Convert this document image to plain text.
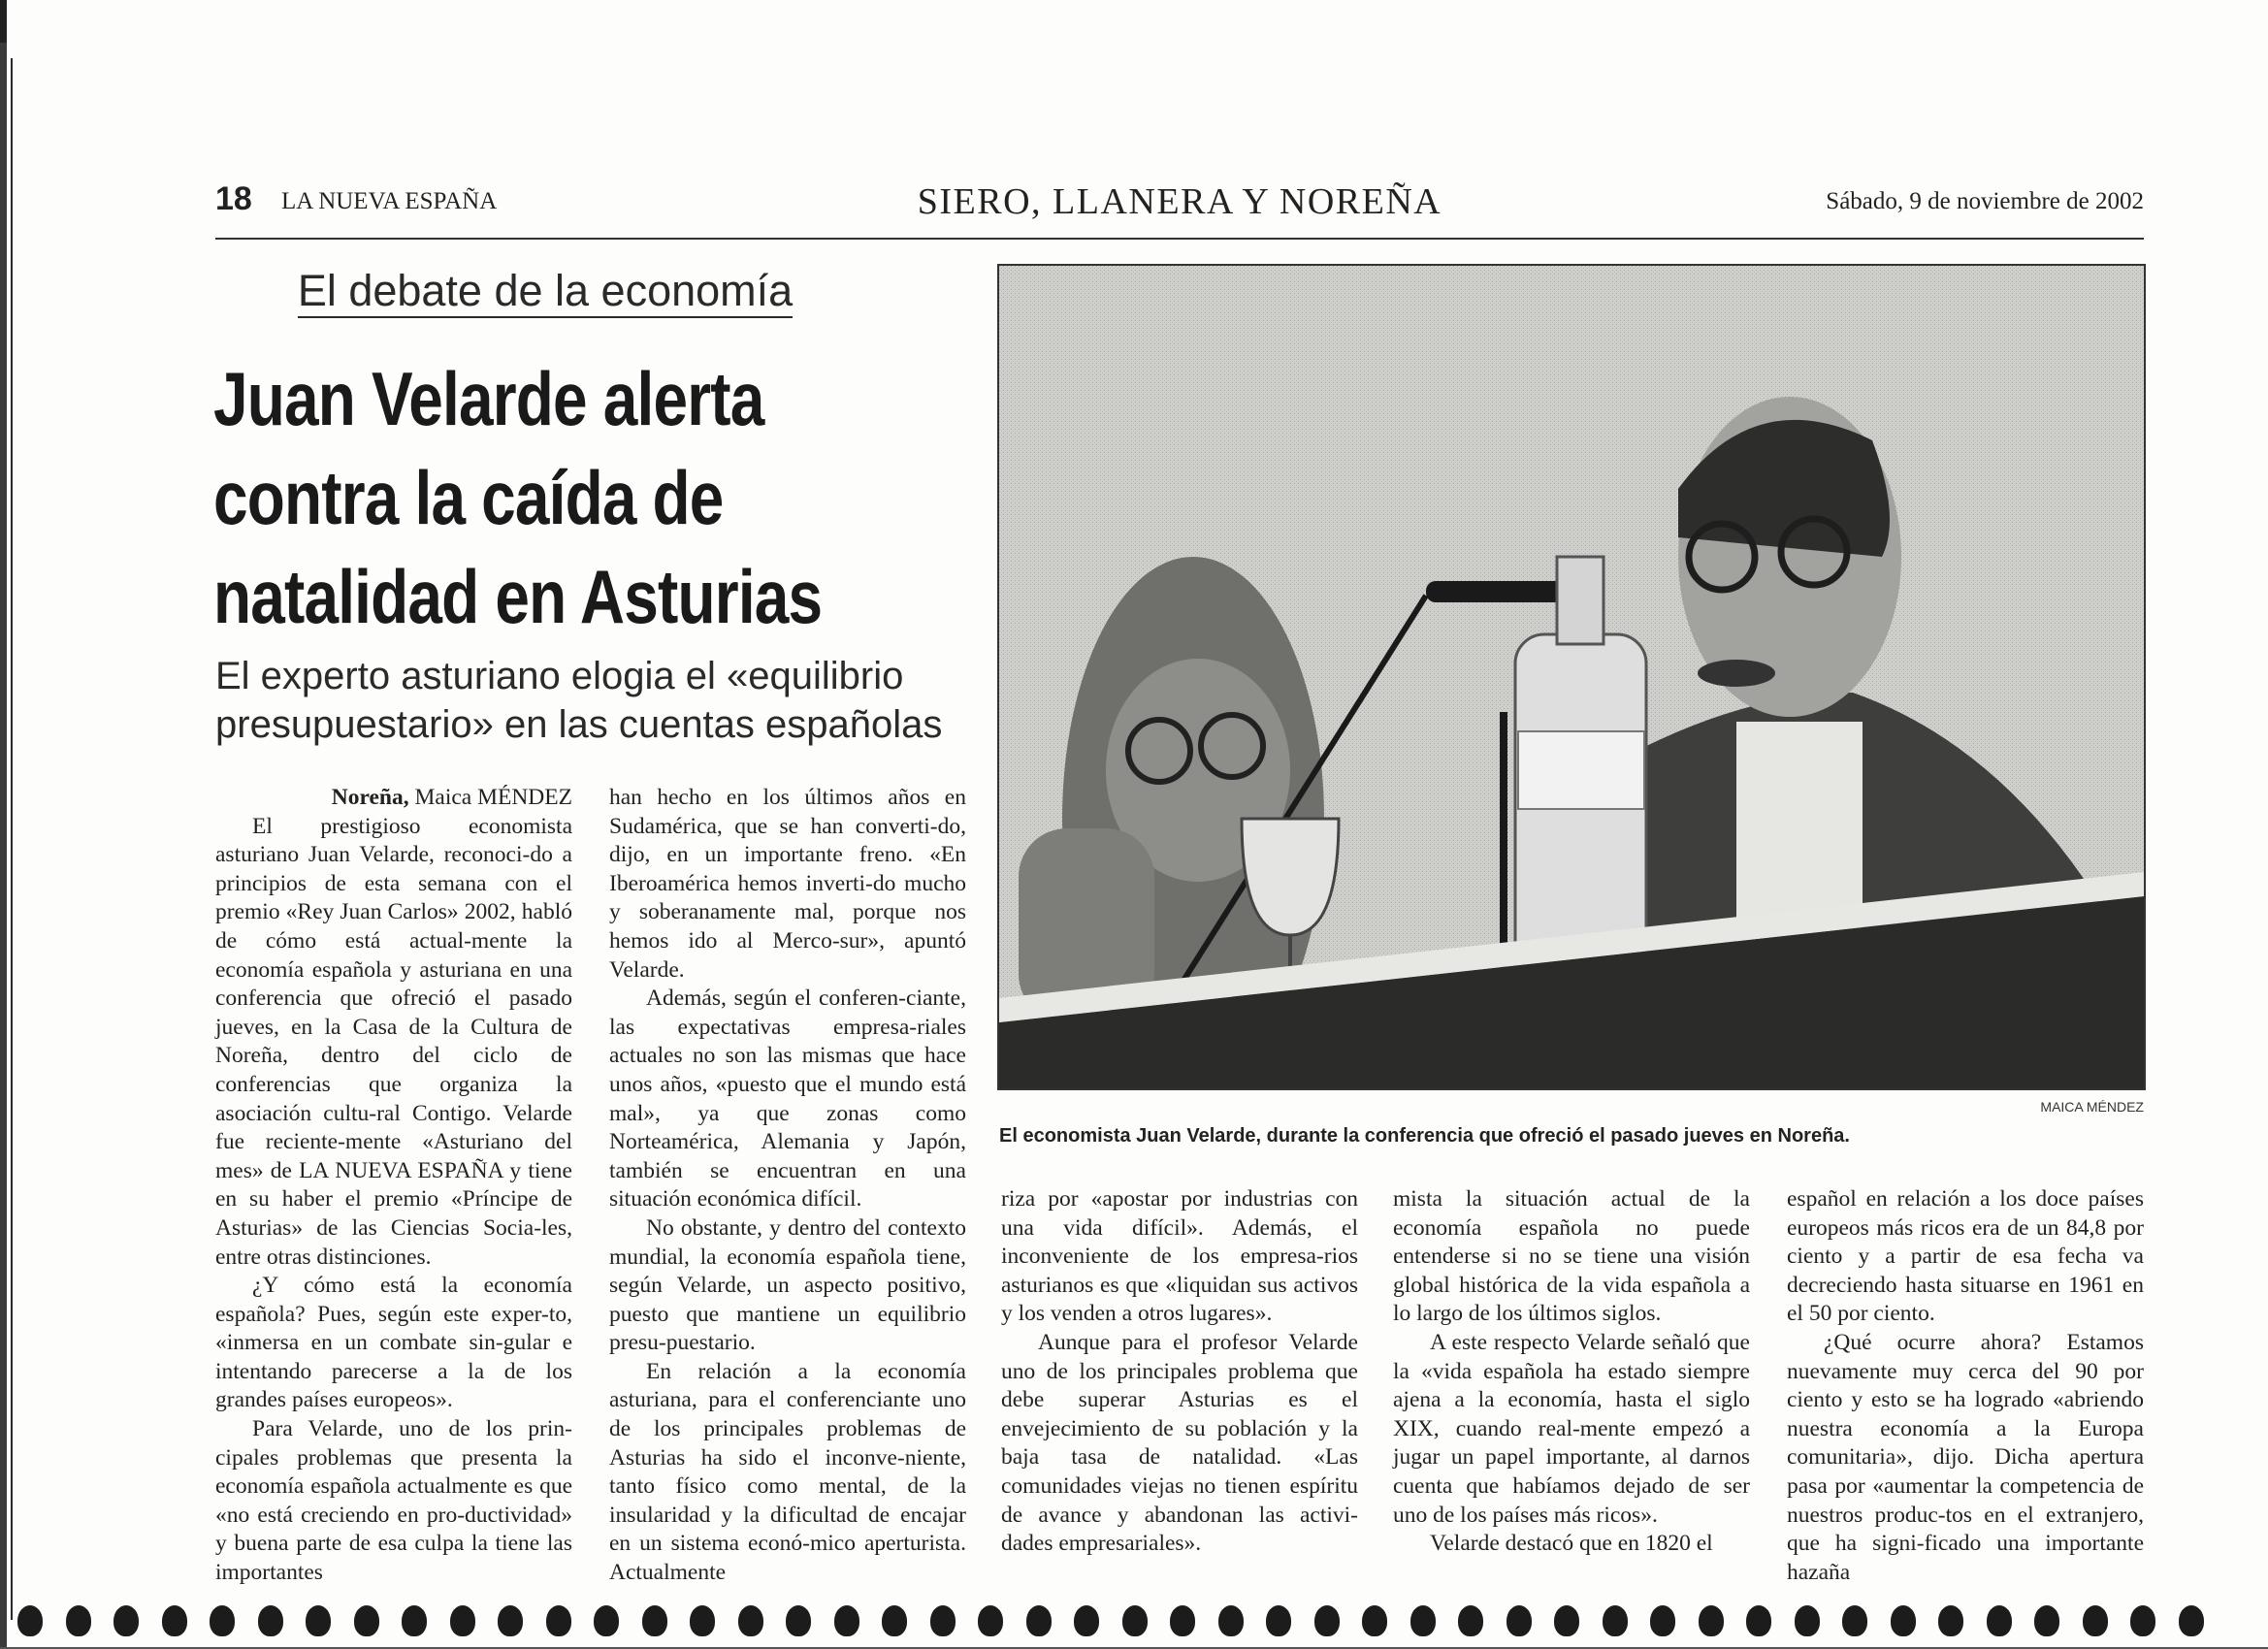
18 LA NUEVA ESPAÑA	SIERO, LLANERA Y NOREÑA	Sábado, 9 de noviembre de 2002
El debate de la economía
Juan Velarde alerta
contra la caída de
natalidad en Asturias
El experto asturiano elogia el «equilibrio presupuestario» en las cuentas españolas
MAICA MÉNDEZ
El economista Juan Velarde, durante la conferencia que ofreció el pasado jueves en Noreña.

Noreña, Maica MÉNDEZ

El prestigioso economista asturiano Juan Velarde, reconoci-do a principios de esta semana con el premio «Rey Juan Carlos» 2002, habló de cómo está actual-mente la economía española y asturiana en una conferencia que ofreció el pasado jueves, en la Casa de la Cultura de Noreña, dentro del ciclo de conferencias que organiza la asociación cultu-ral Contigo. Velarde fue reciente-mente «Asturiano del mes» de LA NUEVA ESPAÑA y tiene en su haber el premio «Príncipe de Asturias» de las Ciencias Socia-les, entre otras distinciones.

¿Y cómo está la economía española? Pues, según este exper-to, «inmersa en un combate sin-gular e intentando parecerse a la de los grandes países europeos».

Para Velarde, uno de los prin-cipales problemas que presenta la economía española actualmente es que «no está creciendo en pro-ductividad» y buena parte de esa culpa la tiene las importantes

han hecho en los últimos años en Sudamérica, que se han converti-do, dijo, en un importante freno. «En Iberoamérica hemos inverti-do mucho y soberanamente mal, porque nos hemos ido al Merco-sur», apuntó Velarde.

Además, según el conferen-ciante, las expectativas empresa-riales actuales no son las mismas que hace unos años, «puesto que el mundo está mal», ya que zonas como Norteamérica, Alemania y Japón, también se encuentran en una situación económica difícil.

No obstante, y dentro del contexto mundial, la economía española tiene, según Velarde, un aspecto positivo, puesto que mantiene un equilibrio presu-puestario.

En relación a la economía asturiana, para el conferenciante uno de los principales problemas de Asturias ha sido el inconve-niente, tanto físico como mental, de la insularidad y la dificultad de encajar en un sistema econó-mico aperturista. Actualmente

riza por «apostar por industrias con una vida difícil». Además, el inconveniente de los empresa-rios asturianos es que «liquidan sus activos y los venden a otros lugares».

Aunque para el profesor Velarde uno de los principales problema que debe superar Asturias es el envejecimiento de su población y la baja tasa de natalidad. «Las comunidades viejas no tienen espíritu de avance y abandonan las activi-dades empresariales».

mista la situación actual de la economía española no puede entenderse si no se tiene una visión global histórica de la vida española a lo largo de los últimos siglos.

A este respecto Velarde señaló que la «vida española ha estado siempre ajena a la economía, hasta el siglo XIX, cuando real-mente empezó a jugar un papel importante, al darnos cuenta que habíamos dejado de ser uno de los países más ricos».

Velarde destacó que en 1820 el

español en relación a los doce países europeos más ricos era de un 84,8 por ciento y a partir de esa fecha va decreciendo hasta situarse en 1961 en el 50 por ciento.

¿Qué ocurre ahora? Estamos nuevamente muy cerca del 90 por ciento y esto se ha logrado «abriendo nuestra economía a la Europa comunitaria», dijo. Dicha apertura pasa por «aumentar la competencia de nuestros produc-tos en el extranjero, que ha signi-ficado una importante hazaña
